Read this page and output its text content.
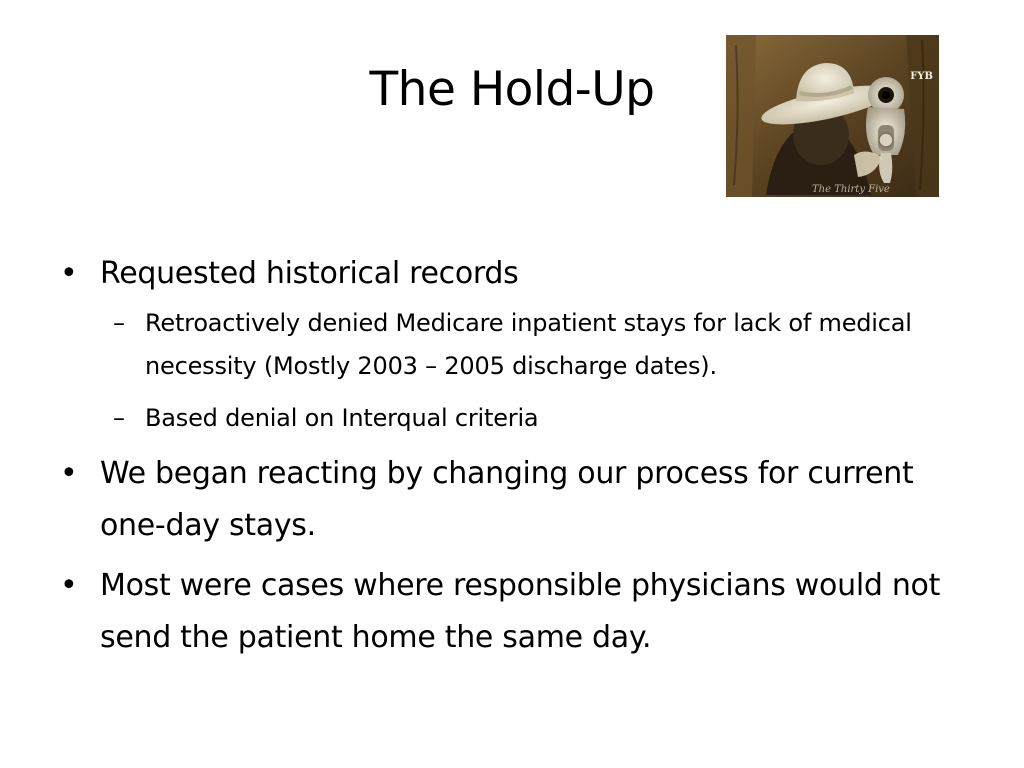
The Hold-Up	FYB
The Thirty Five
• Requested historical records
– Retroactively denied Medicare inpatient stays for lack of medical necessity (Mostly 2003 – 2005 discharge dates).
– Based denial on Interqual criteria
• We began reacting by changing our process for current one-day stays.
• Most were cases where responsible physicians would not send the patient home the same day.
